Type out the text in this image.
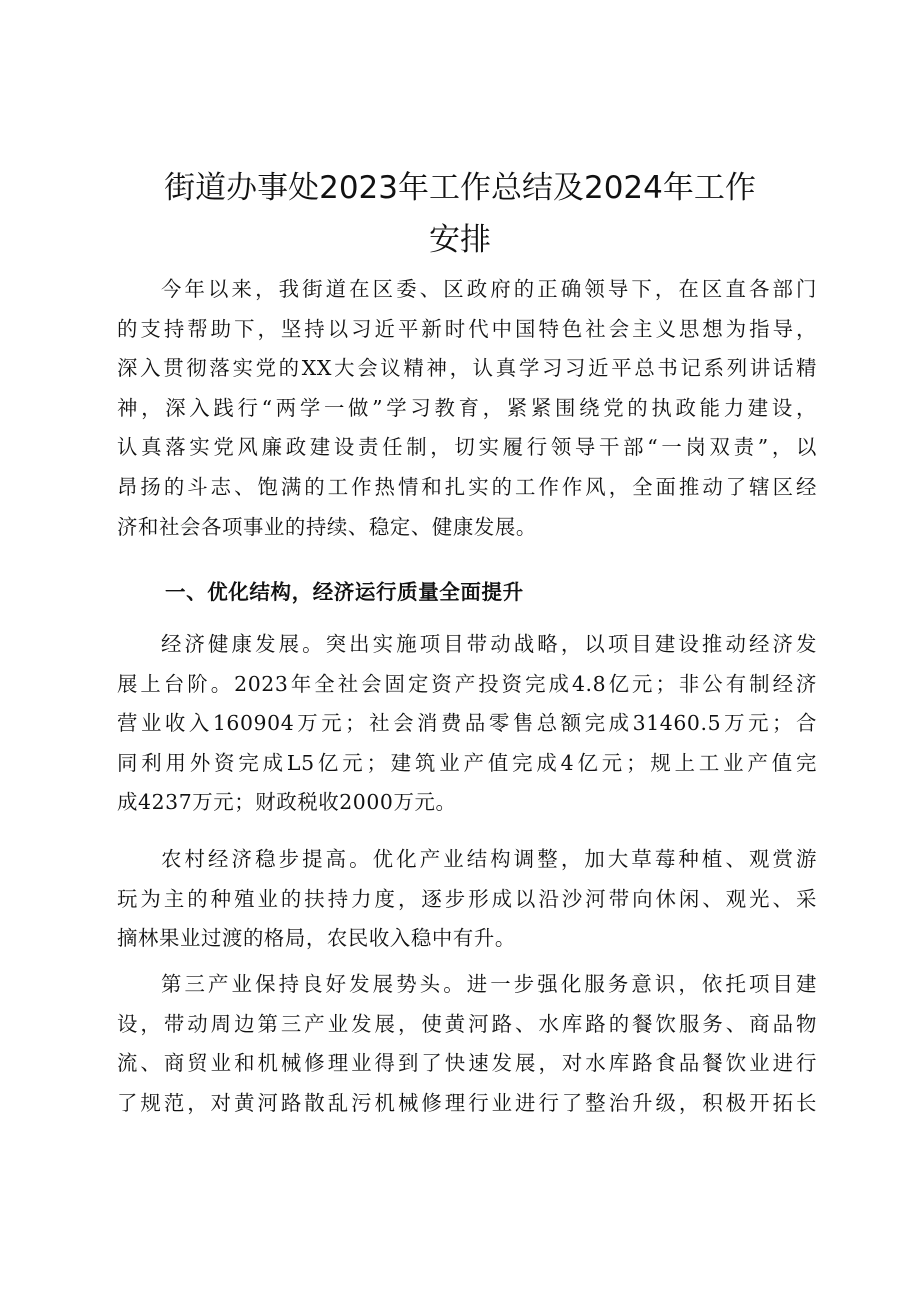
街道办事处2023年工作总结及2024年工作
安排
今年以来，我街道在区委、区政府的正确领导下，在区直各部门
的支持帮助下，坚持以习近平新时代中国特色社会主义思想为指导，
深入贯彻落实党的XX大会议精神，认真学习习近平总书记系列讲话精
神，深入践行“两学一做”学习教育，紧紧围绕党的执政能力建设，
认真落实党风廉政建设责任制，切实履行领导干部“一岗双责”，以
昂扬的斗志、饱满的工作热情和扎实的工作作风，全面推动了辖区经
济和社会各项事业的持续、稳定、健康发展。
一、优化结构，经济运行质量全面提升
经济健康发展。突出实施项目带动战略，以项目建设推动经济发
展上台阶。2023年全社会固定资产投资完成4.8亿元；非公有制经济
营业收入160904万元；社会消费品零售总额完成31460.5万元；合
同利用外资完成L5亿元；建筑业产值完成4亿元；规上工业产值完
成4237万元；财政税收2000万元。
农村经济稳步提高。优化产业结构调整，加大草莓种植、观赏游
玩为主的种殖业的扶持力度，逐步形成以沿沙河带向休闲、观光、采
摘林果业过渡的格局，农民收入稳中有升。
第三产业保持良好发展势头。进一步强化服务意识，依托项目建
设，带动周边第三产业发展，使黄河路、水库路的餐饮服务、商品物
流、商贸业和机械修理业得到了快速发展，对水库路食品餐饮业进行
了规范，对黄河路散乱污机械修理行业进行了整治升级，积极开拓长
